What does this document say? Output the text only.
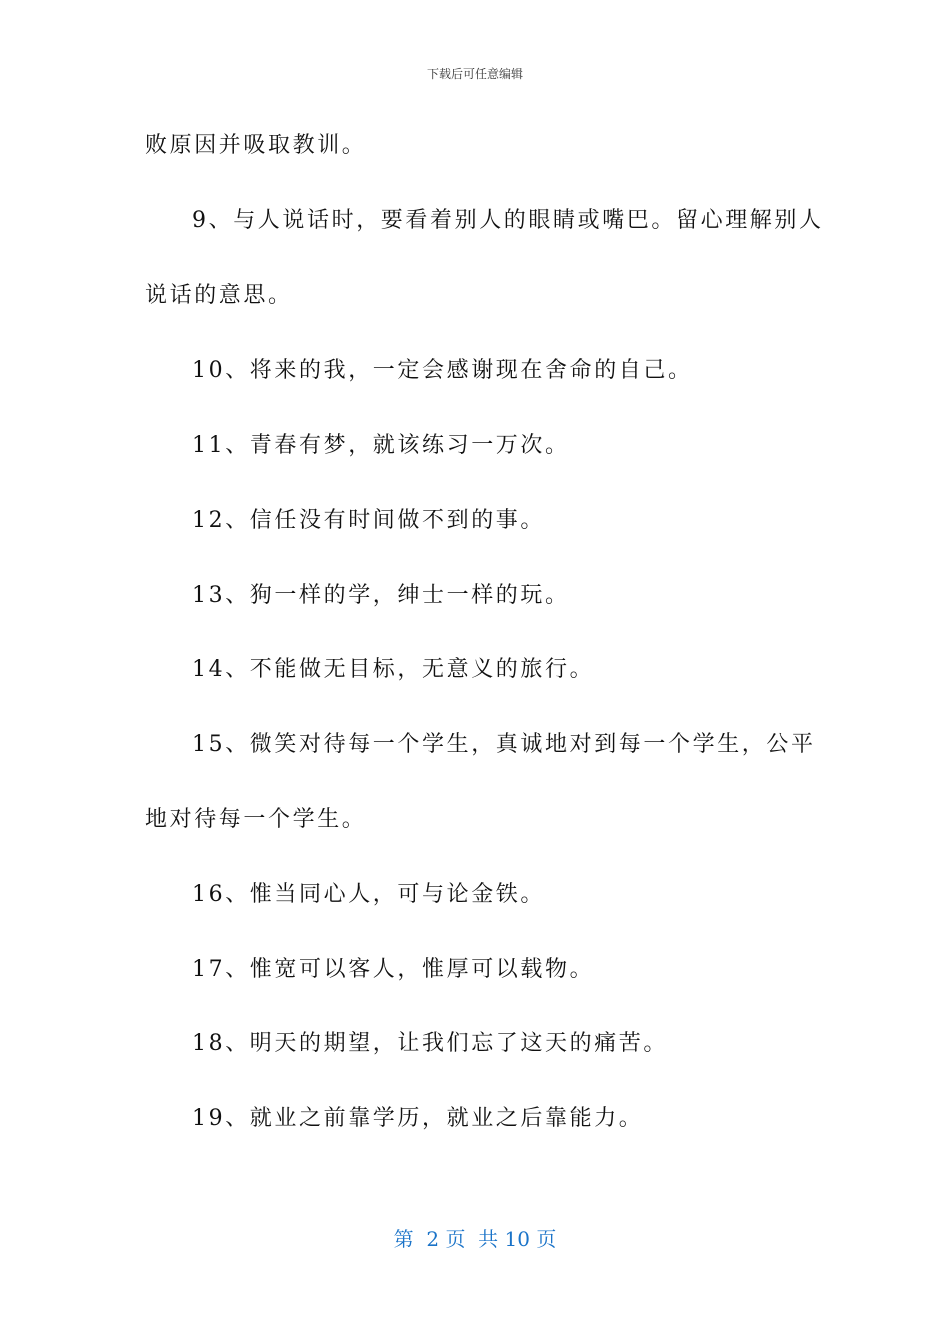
下载后可任意编辑
败原因并吸取教训。
9、与人说话时，要看着别人的眼睛或嘴巴。留心理解别人
说话的意思。
10、将来的我，一定会感谢现在舍命的自己。
11、青春有梦，就该练习一万次。
12、信任没有时间做不到的事。
13、狗一样的学，绅士一样的玩。
14、不能做无目标，无意义的旅行。
15、微笑对待每一个学生，真诚地对到每一个学生，公平
地对待每一个学生。
16、惟当同心人，可与论金铁。
17、惟宽可以客人，惟厚可以载物。
18、明天的期望，让我们忘了这天的痛苦。
19、就业之前靠学历，就业之后靠能力。
第  2 页  共 10 页
